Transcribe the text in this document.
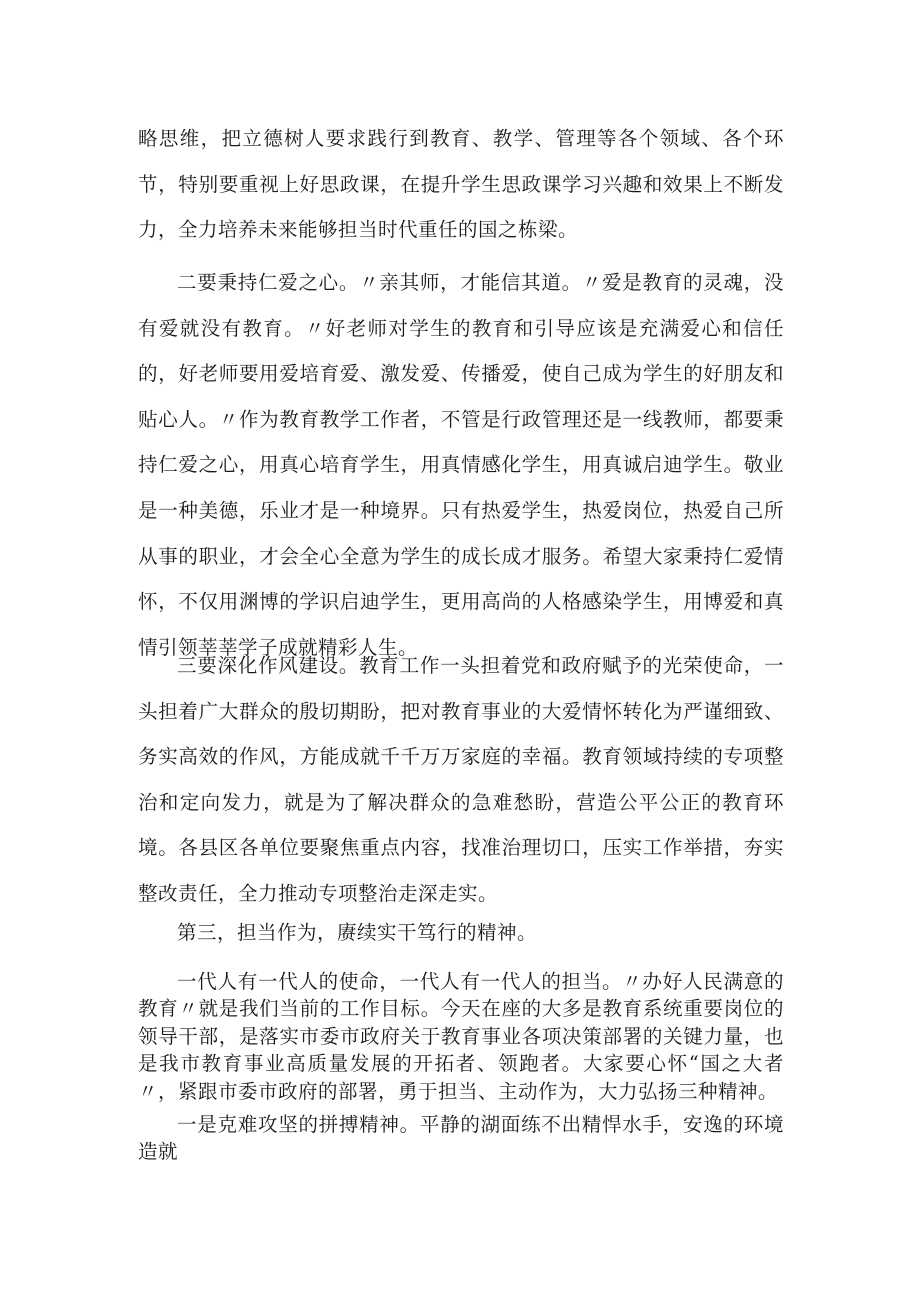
略思维，把立德树人要求践行到教育、教学、管理等各个领域、各个环节，特别要重视上好思政课，在提升学生思政课学习兴趣和效果上不断发力，全力培养未来能够担当时代重任的国之栋梁。

二要秉持仁爱之心。〃亲其师，才能信其道。〃爱是教育的灵魂，没有爱就没有教育。〃好老师对学生的教育和引导应该是充满爱心和信任的，好老师要用爱培育爱、激发爱、传播爱，使自己成为学生的好朋友和贴心人。〃作为教育教学工作者，不管是行政管理还是一线教师，都要秉持仁爱之心，用真心培育学生，用真情感化学生，用真诚启迪学生。敬业是一种美德，乐业才是一种境界。只有热爱学生，热爱岗位，热爱自己所从事的职业，才会全心全意为学生的成长成才服务。希望大家秉持仁爱情怀，不仅用渊博的学识启迪学生，更用高尚的人格感染学生，用博爱和真情引领莘莘学子成就精彩人生。

三要深化作风建设。教育工作一头担着党和政府赋予的光荣使命，一头担着广大群众的殷切期盼，把对教育事业的大爱情怀转化为严谨细致、务实高效的作风，方能成就千千万万家庭的幸福。教育领域持续的专项整治和定向发力，就是为了解决群众的急难愁盼，营造公平公正的教育环境。各县区各单位要聚焦重点内容，找准治理切口，压实工作举措，夯实整改责任，全力推动专项整治走深走实。

第三，担当作为，赓续实干笃行的精神。

一代人有一代人的使命，一代人有一代人的担当。〃办好人民满意的教育〃就是我们当前的工作目标。今天在座的大多是教育系统重要岗位的领导干部，是落实市委市政府关于教育事业各项决策部署的关键力量，也是我市教育事业高质量发展的开拓者、领跑者。大家要心怀“国之大者〃，紧跟市委市政府的部署，勇于担当、主动作为，大力弘扬三种精神。

一是克难攻坚的拼搏精神。平静的湖面练不出精悍水手，安逸的环境造就
